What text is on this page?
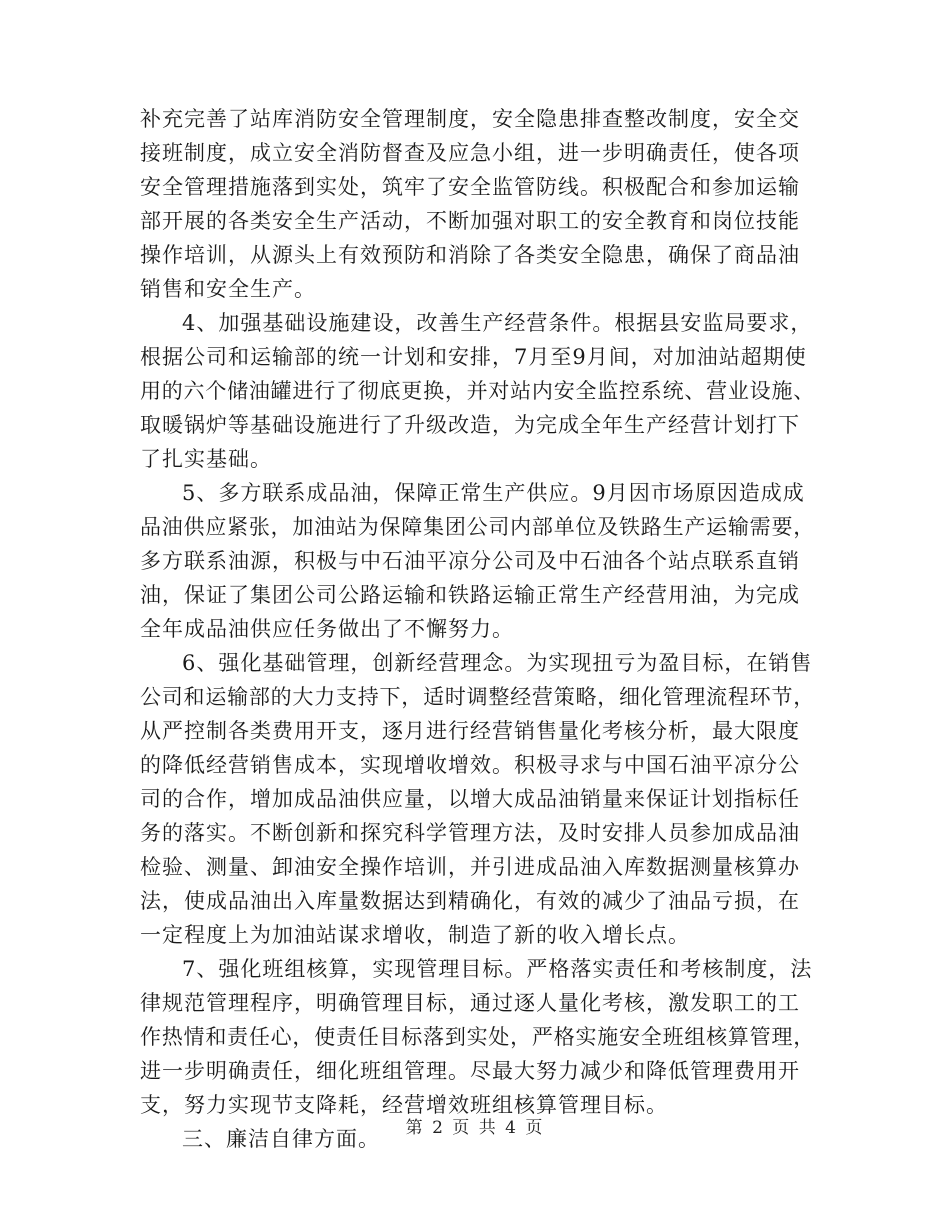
补充完善了站库消防安全管理制度，安全隐患排查整改制度，安全交
接班制度，成立安全消防督查及应急小组，进一步明确责任，使各项
安全管理措施落到实处，筑牢了安全监管防线。积极配合和参加运输
部开展的各类安全生产活动，不断加强对职工的安全教育和岗位技能
操作培训，从源头上有效预防和消除了各类安全隐患，确保了商品油
销售和安全生产。
4、加强基础设施建设，改善生产经营条件。根据县安监局要求，
根据公司和运输部的统一计划和安排，7月至9月间，对加油站超期使
用的六个储油罐进行了彻底更换，并对站内安全监控系统、营业设施、
取暖锅炉等基础设施进行了升级改造，为完成全年生产经营计划打下
了扎实基础。
5、多方联系成品油，保障正常生产供应。9月因市场原因造成成
品油供应紧张，加油站为保障集团公司内部单位及铁路生产运输需要，
多方联系油源，积极与中石油平凉分公司及中石油各个站点联系直销
油，保证了集团公司公路运输和铁路运输正常生产经营用油，为完成
全年成品油供应任务做出了不懈努力。
6、强化基础管理，创新经营理念。为实现扭亏为盈目标，在销售
公司和运输部的大力支持下，适时调整经营策略，细化管理流程环节，
从严控制各类费用开支，逐月进行经营销售量化考核分析，最大限度
的降低经营销售成本，实现增收增效。积极寻求与中国石油平凉分公
司的合作，增加成品油供应量，以增大成品油销量来保证计划指标任
务的落实。不断创新和探究科学管理方法，及时安排人员参加成品油
检验、测量、卸油安全操作培训，并引进成品油入库数据测量核算办
法，使成品油出入库量数据达到精确化，有效的减少了油品亏损，在
一定程度上为加油站谋求增收，制造了新的收入增长点。
7、强化班组核算，实现管理目标。严格落实责任和考核制度，法
律规范管理程序，明确管理目标，通过逐人量化考核，激发职工的工
作热情和责任心，使责任目标落到实处，严格实施安全班组核算管理，
进一步明确责任，细化班组管理。尽最大努力减少和降低管理费用开
支，努力实现节支降耗，经营增效班组核算管理目标。
三、廉洁自律方面。	第 2 页 共 4 页
